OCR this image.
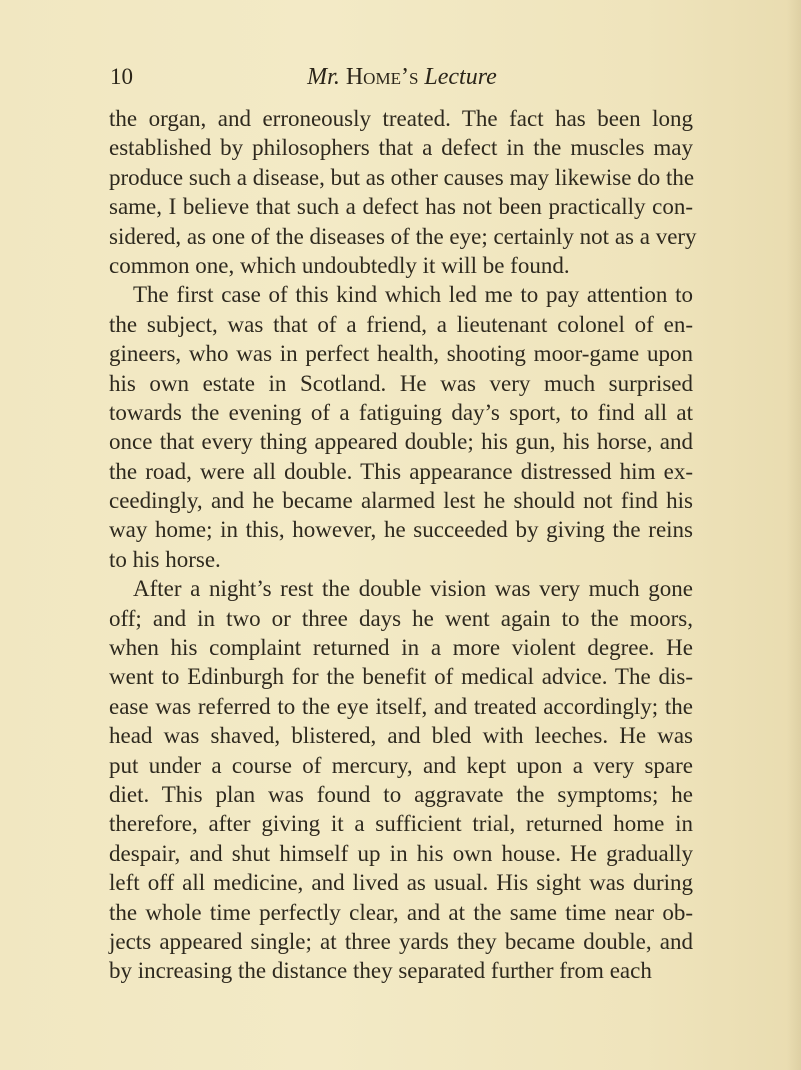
10	Mr. Home’s Lecture
the organ, and erroneously treated. The fact has been long
established by philosophers that a defect in the muscles may
produce such a disease, but as other causes may likewise do the
same, I believe that such a defect has not been practically con-
sidered, as one of the diseases of the eye; certainly not as a very
common one, which undoubtedly it will be found.
The first case of this kind which led me to pay attention to
the subject, was that of a friend, a lieutenant colonel of en-
gineers, who was in perfect health, shooting moor-game upon
his own estate in Scotland. He was very much surprised
towards the evening of a fatiguing day’s sport, to find all at
once that every thing appeared double; his gun, his horse, and
the road, were all double. This appearance distressed him ex-
ceedingly, and he became alarmed lest he should not find his
way home; in this, however, he succeeded by giving the reins
to his horse.
After a night’s rest the double vision was very much gone
off; and in two or three days he went again to the moors,
when his complaint returned in a more violent degree. He
went to Edinburgh for the benefit of medical advice. The dis-
ease was referred to the eye itself, and treated accordingly; the
head was shaved, blistered, and bled with leeches. He was
put under a course of mercury, and kept upon a very spare
diet. This plan was found to aggravate the symptoms; he
therefore, after giving it a sufficient trial, returned home in
despair, and shut himself up in his own house. He gradually
left off all medicine, and lived as usual. His sight was during
the whole time perfectly clear, and at the same time near ob-
jects appeared single; at three yards they became double, and
by increasing the distance they separated further from each
